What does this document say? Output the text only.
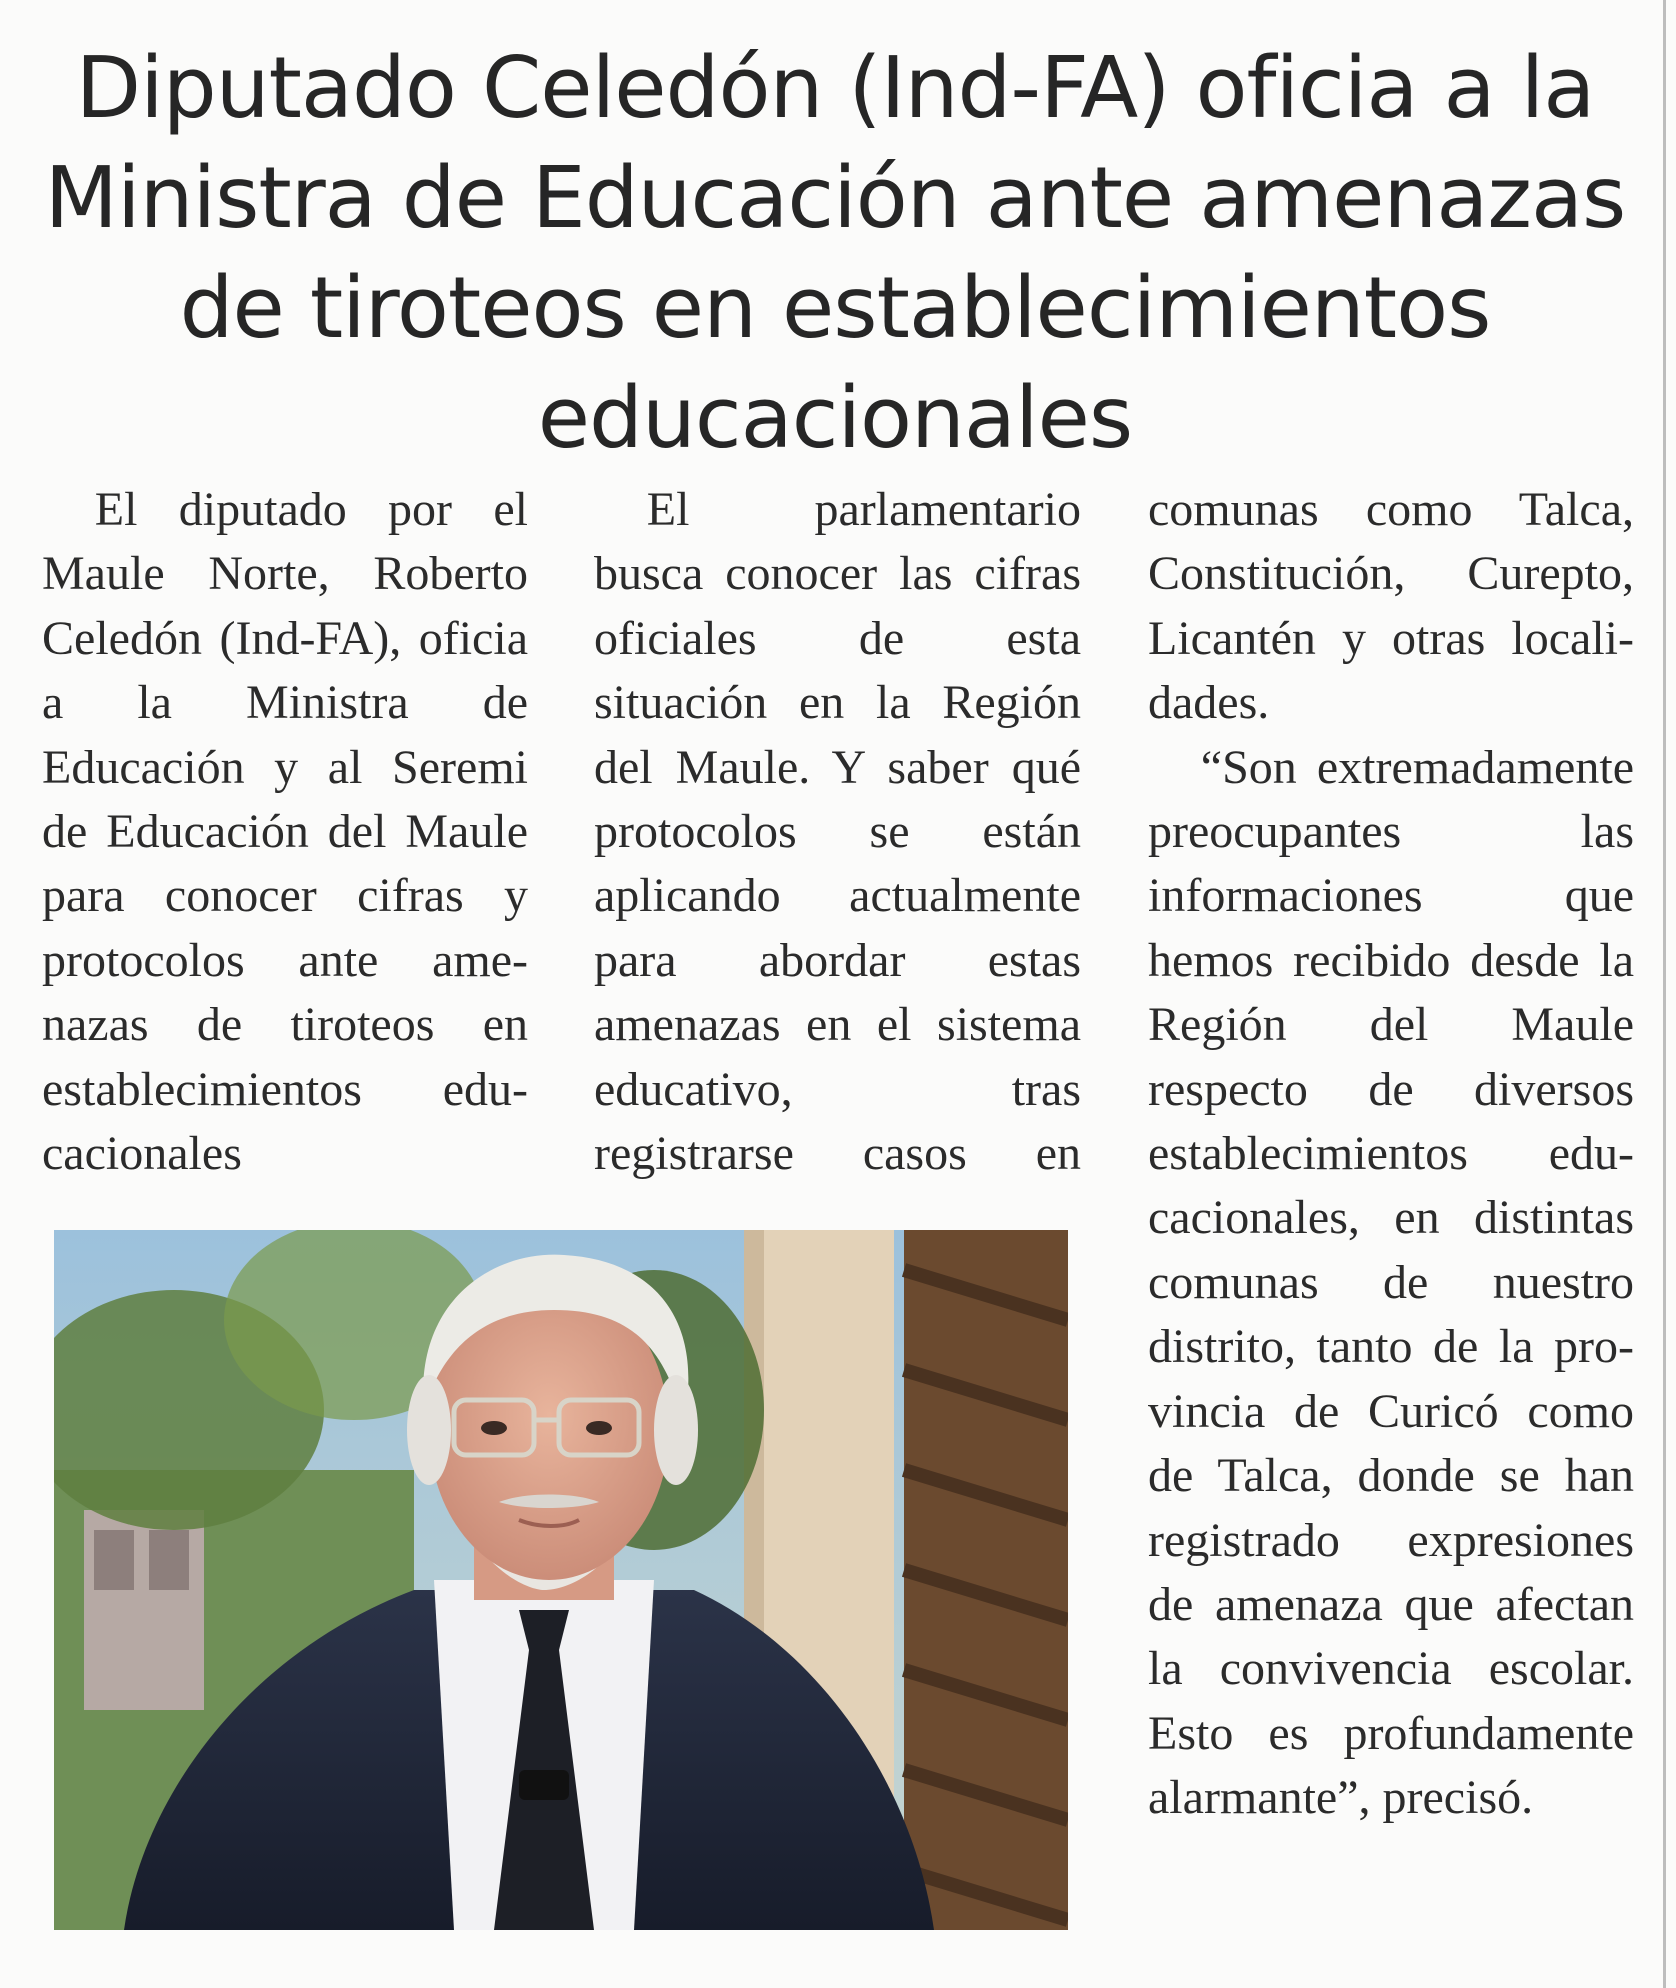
Diputado Celedón (Ind-FA) oficia a la Ministra de Educación ante amenazas de tiroteos en establecimientos educacionales

El diputado por el Maule Norte, Roberto Celedón (Ind-FA), oficia a la Ministra de Educación y al Seremi de Educación del Maule para conocer cifras y protocolos ante amenazas de tiroteos en establecimientos educacionales

El parlamentario busca conocer las cifras oficiales de esta situación en la Región del Maule. Y saber qué protocolos se están aplicando actualmente para abordar estas amenazas en el sistema educativo, tras registrarse casos en

comunas como Talca, Constitución, Curepto, Licantén y otras localidades.

“Son extremadamente preocupantes las informaciones que hemos recibido desde la Región del Maule respecto de diversos establecimientos educacionales, en distintas comunas de nuestro distrito, tanto de la provincia de Curicó como de Talca, donde se han registrado expresiones de amenaza que afectan la convivencia escolar. Esto es profundamente alarmante”, precisó.
